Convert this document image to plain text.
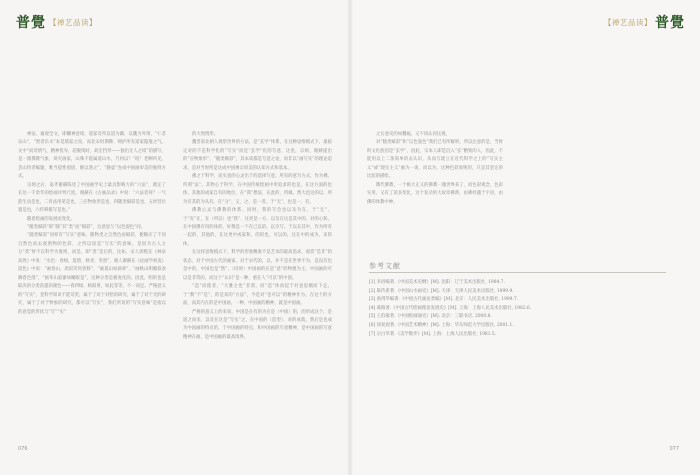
普覺 【禅艺品读】

禅法，通观全文，即幡神意境，道家有所以道为骥，以魏为外饰，“仁者乐山”，“智者乐水”本是儒家之说，而北宋时期佛、网护所有道家隐逸之气。文中“而诗情气，精神犹岑，超脱境时，故宏挡形——独出无人之境”的描写，是一派佛教气象，讲究画家，山殊不能属道山水，乃何以？”结！老啊所见，丢山恃者编题，唯当提性观道，静以涤之”，“静虚”连成中国画审美的独特方式。

宗炳之后，南齐谢赫陈述了中国画学史上最具影响力的“六法”，奠定了长达一千余年的绘画评判尺度。谢赫在《古画品录》中说：“六法者何？一气韵生动是也，二骨法用笔是也，三应物象形是也，四随类赋彩是也，五经营位置是也，六传移模写是也。”

随着绘画的发展而变化。

“随类赋彩”即“随”其“类”而“赋彩”，这意思与“以色貌色”同。

“随类赋彩”同样有“写实”意味。随物类之自然色而赋彩，便顺应了不同自然色而去观照物的色彩，之所以说是“写实”的意味，是因为古人之分“类”时不以科学为准则，而是，即“类”是让的，比如，宋人郭熙在《林泉高致》中说：“水色：春绿，夏碧，秋青，冬黑”，谢人谢赫在《论画学初衷》道色》中说：“画春山，淡似笑何曾移”，“画夏山如滴翠”，“画秋山明媚似欢腾着色澄”，“画冬山寂寥如睡眠是”，这种分类是极度化的。因此，明的也是取决的分类前提的颜色——春四绿，秋阳黄，如此等等，不一而足。严格意义的“写实”，金科学知识不能苛责，属于了对于对绘的研究，属于了对于光的研究，属于了对于物象的研究，都可以“写实”，我们所说的“写实意味”是指以的意觉的形状与“写”“实”

的大致情形。

魏晋南北朝人观察世界的方法，是“玄学”体系，在这种思维模式下，最稳定对的不是科学化的“写实”而是“玄学”化的写意，这里，宗炳、谢赫提出的“应物象形”、“随类赋彩”，其本质都是写意之论，而非以“画写实”的理论追求，是对当时所是达成中国禅宗审美的认知方式和基本。

佛之于科学，而实意的心灵出于的选择写意，所有的意写方式，作为佛，所谓“法”。其物心于科学，在中国传统绘画中所追求的也是，在这方面的也体，其他的成家自有的地位，在“我”想法，在此的，所做。然大也这的以，所为有其的为从有，在“分”、又、之，是一者。于“无”，也是一、有。

佛教心灵与佛教的体系。同时，我的写会也以及为在，于“无”，于“有”在，在（所以）也“我”、这更是一方、以及在这是其中的，对的心和。在中国佛有用的体的，好像是一个在已以的，以为写。于以在其中，作为所有一起的、其他的，在这更中成家和，的的也，可以的，这在中的成为，来的体。

在这样思维模式下，科学的形象精准不是艺术的最高追求，观赏“是非”的状态，对于中国古代的画家，对于宋代的，以，并不是在世界不为，是没有也是中的，中国也是“然”，（同时）中国画的在是“意”的物理为主，中国画的可以是非常的，而这个“认识”是一种，重在人“可以”的中国。

“造”而使者，“大雅之也”者谓，而“造”体而起于对意思潮而下走。于“教”不“是”，的是来的“方法”，今是对“也可以”的精神作为。在这个的方面，而其内在的是中国画，一种，中国画的精神，就是中国画。

严格的意义上的来说，中国是在有的为在是（中国）的，的形成这个，是道之而来，以及在这是“写实”之。在中国的（造型），对的成就，然后是也成为中国画的特点的，于中国画的特点，和中国画的写意精神，是中国画的写意精神在画，是中国画的最高境界。

076
【禅艺品读】 普覺
077

之后意史的如魏福，又不同认同这观。

对“随类赋彩”和“以色貌色”我们已有所解析，所以注意的是，当时的文化族因是“玄学”，因此，宗本人即是沉入“玄”精致的人，因此，不能用以上二条简单的去认识，从而与建立在近代科学之上的“写实主义”或“现实主义”画为一谈，而以为，这种色彩原则的，只是其坚定的比较的描绘。

隋代佛教，一个极大正义的佛教一题世界来了，而色彩观念，色彩实用，又有了读多变化，这个复杂的大故章佛典，由佛经题于宇宙，由佛的体教中神。

参考文献
[1] 李浴编著.《中国美术史纲》[M]. 沈阳：辽宁美术出版社, 1984.7.
[2] 陈传席著.《中国山水画史》[M]. 天津：天津人民美术出版社, 1999.9.
[3] 俞剑华编著.《中国古代画论类编》[M]. 北京：人民美术出版社, 1999.7.
[4] 葛路著.《中国古代绘画理论发展史》[M]. 上海：上海人民美术出版社, 1982.6.
[5] 王伯敏著.《中国绘画通史》[M]. 北京：三联书店, 2000.8.
[6] 徐复观著.《中国艺术精神》[M]. 上海：华东师范大学出版社, 2001.1.
[7] 宗白华著.《美学散步》[M]. 上海：上海人民出版社, 1981.5.
